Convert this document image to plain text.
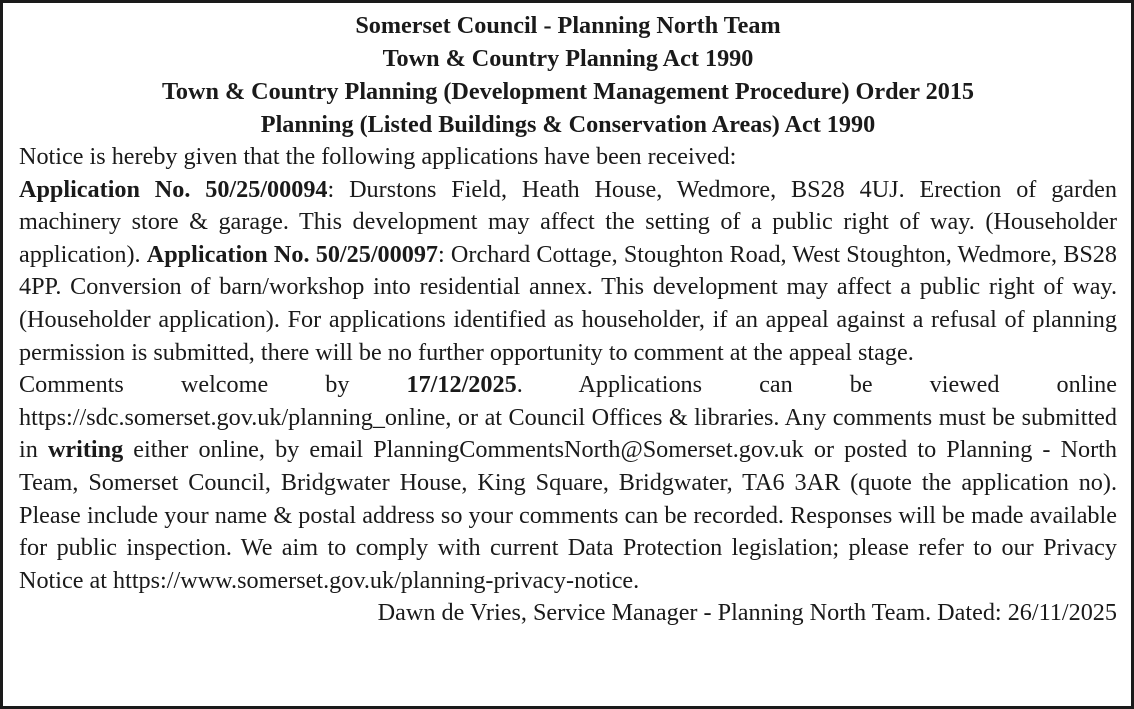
Somerset Council - Planning North Team
Town & Country Planning Act 1990
Town & Country Planning (Development Management Procedure) Order 2015
Planning (Listed Buildings & Conservation Areas) Act 1990

Notice is hereby given that the following applications have been received:

Application No. 50/25/00094: Durstons Field, Heath House, Wedmore, BS28 4UJ. Erection of garden machinery store & garage. This development may affect the setting of a public right of way. (Householder application). Application No. 50/25/00097: Orchard Cottage, Stoughton Road, West Stoughton, Wedmore, BS28 4PP. Conversion of barn/workshop into residential annex. This development may affect a public right of way. (Householder application). For applications identified as householder, if an appeal against a refusal of planning permission is submitted, there will be no further opportunity to comment at the appeal stage.

Comments welcome by 17/12/2025. Applications can be viewed online https://sdc.somerset.gov.uk/planning_online, or at Council Offices & libraries. Any comments must be submitted in writing either online, by email PlanningCommentsNorth@Somerset.gov.uk or posted to Planning - North Team, Somerset Council, Bridgwater House, King Square, Bridgwater, TA6 3AR (quote the application no). Please include your name & postal address so your comments can be recorded. Responses will be made available for public inspection. We aim to comply with current Data Protection legislation; please refer to our Privacy Notice at https://www.somerset.gov.uk/planning-privacy-notice.

Dawn de Vries, Service Manager - Planning North Team. Dated: 26/11/2025
